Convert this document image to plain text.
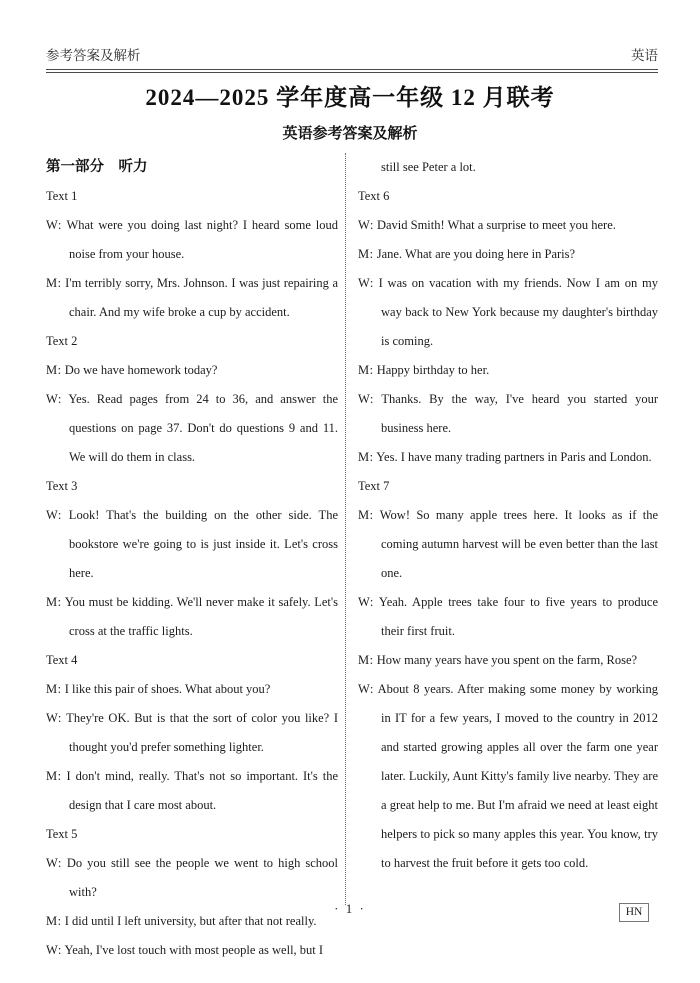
参考答案及解析	英语
2024—2025 学年度高一年级 12 月联考
英语参考答案及解析
第一部分　听力
Text 1

W: What were you doing last night? I heard some loud noise from your house.

M: I'm terribly sorry, Mrs. Johnson. I was just repairing a chair. And my wife broke a cup by accident.

Text 2

M: Do we have homework today?

W: Yes. Read pages from 24 to 36, and answer the questions on page 37. Don't do questions 9 and 11. We will do them in class.

Text 3

W: Look! That's the building on the other side. The bookstore we're going to is just inside it. Let's cross here.

M: You must be kidding. We'll never make it safely. Let's cross at the traffic lights.

Text 4

M: I like this pair of shoes. What about you?

W: They're OK. But is that the sort of color you like? I thought you'd prefer something lighter.

M: I don't mind, really. That's not so important. It's the design that I care most about.

Text 5

W: Do you still see the people we went to high school with?

M: I did until I left university, but after that not really.

W: Yeah, I've lost touch with most people as well, but I

still see Peter a lot.

Text 6

W: David Smith! What a surprise to meet you here.

M: Jane. What are you doing here in Paris?

W: I was on vacation with my friends. Now I am on my way back to New York because my daughter's birthday is coming.

M: Happy birthday to her.

W: Thanks. By the way, I've heard you started your business here.

M: Yes. I have many trading partners in Paris and London.

Text 7

M: Wow! So many apple trees here. It looks as if the coming autumn harvest will be even better than the last one.

W: Yeah. Apple trees take four to five years to produce their first fruit.

M: How many years have you spent on the farm, Rose?

W: About 8 years. After making some money by working in IT for a few years, I moved to the country in 2012 and started growing apples all over the farm one year later. Luckily, Aunt Kitty's family live nearby. They are a great help to me. But I'm afraid we need at least eight helpers to pick so many apples this year. You know, try to harvest the fruit before it gets too cold.

· 1 ·	HN
